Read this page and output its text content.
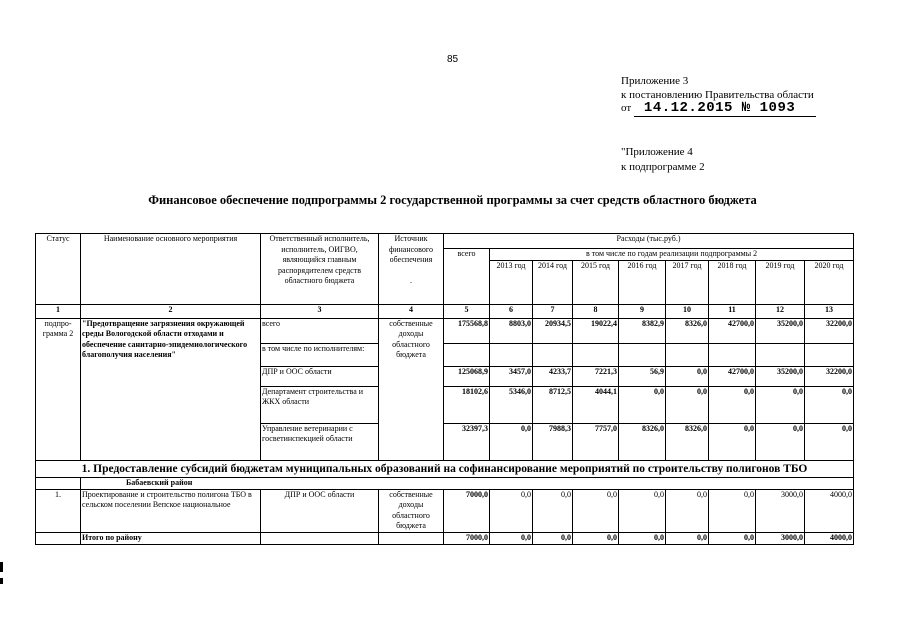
85
Приложение 3
к постановлению Правительства области
от 14.12.2015 № 1093
"Приложение 4
к подпрограмме 2
Финансовое обеспечение подпрограммы 2 государственной программы за счет средств областного бюджета
Статус	Наименование основного мероприятия	Ответственный исполнитель, исполнитель, ОИГВО, являющийся главным распорядителем средств областного бюджета	Источник финансового обеспечения

.	Расходы (тыс.руб.)								
				всего	в том числе по годам реализации подпрограммы 2							
					2013 год	2014 год	2015 год	2016 год	2017 год	2018 год	2019 год	2020 год
1	2	3	4	5	6	7	8	9	10	11	12	13
подпро-грамма 2	"Предотвращение загрязнения окружающей среды Вологодской области отходами и обеспечение санитарно-эпидемиологического благополучия населения"	всего	собственные доходы областного бюджета	175568,8	8803,0	20934,5	19022,4	8382,9	8326,0	42700,0	35200,0	32200,0
		в том числе по исполнителям:										
		ДПР и ООС области		125068,9	3457,0	4233,7	7221,3	56,9	0,0	42700,0	35200,0	32200,0
		Департамент строительства и ЖКХ области		18102,6	5346,0	8712,5	4044,1	0,0	0,0	0,0	0,0	0,0
		Управление ветеринарии с госветинспекцией области		32397,3	0,0	7988,3	7757,0	8326,0	8326,0	0,0	0,0	0,0
1. Предоставление субсидий бюджетам муниципальных образований на софинансирование мероприятий по строительству полигонов ТБО												
	Бабаевский район											
1.	Проектирование и строительство полигона ТБО в сельском поселении Вепское национальное	ДПР и ООС области	собственные доходы областного бюджета	7000,0	0,0	0,0	0,0	0,0	0,0	0,0	3000,0	4000,0
	Итого по району			7000,0	0,0	0,0	0,0	0,0	0,0	0,0	3000,0	4000,0
